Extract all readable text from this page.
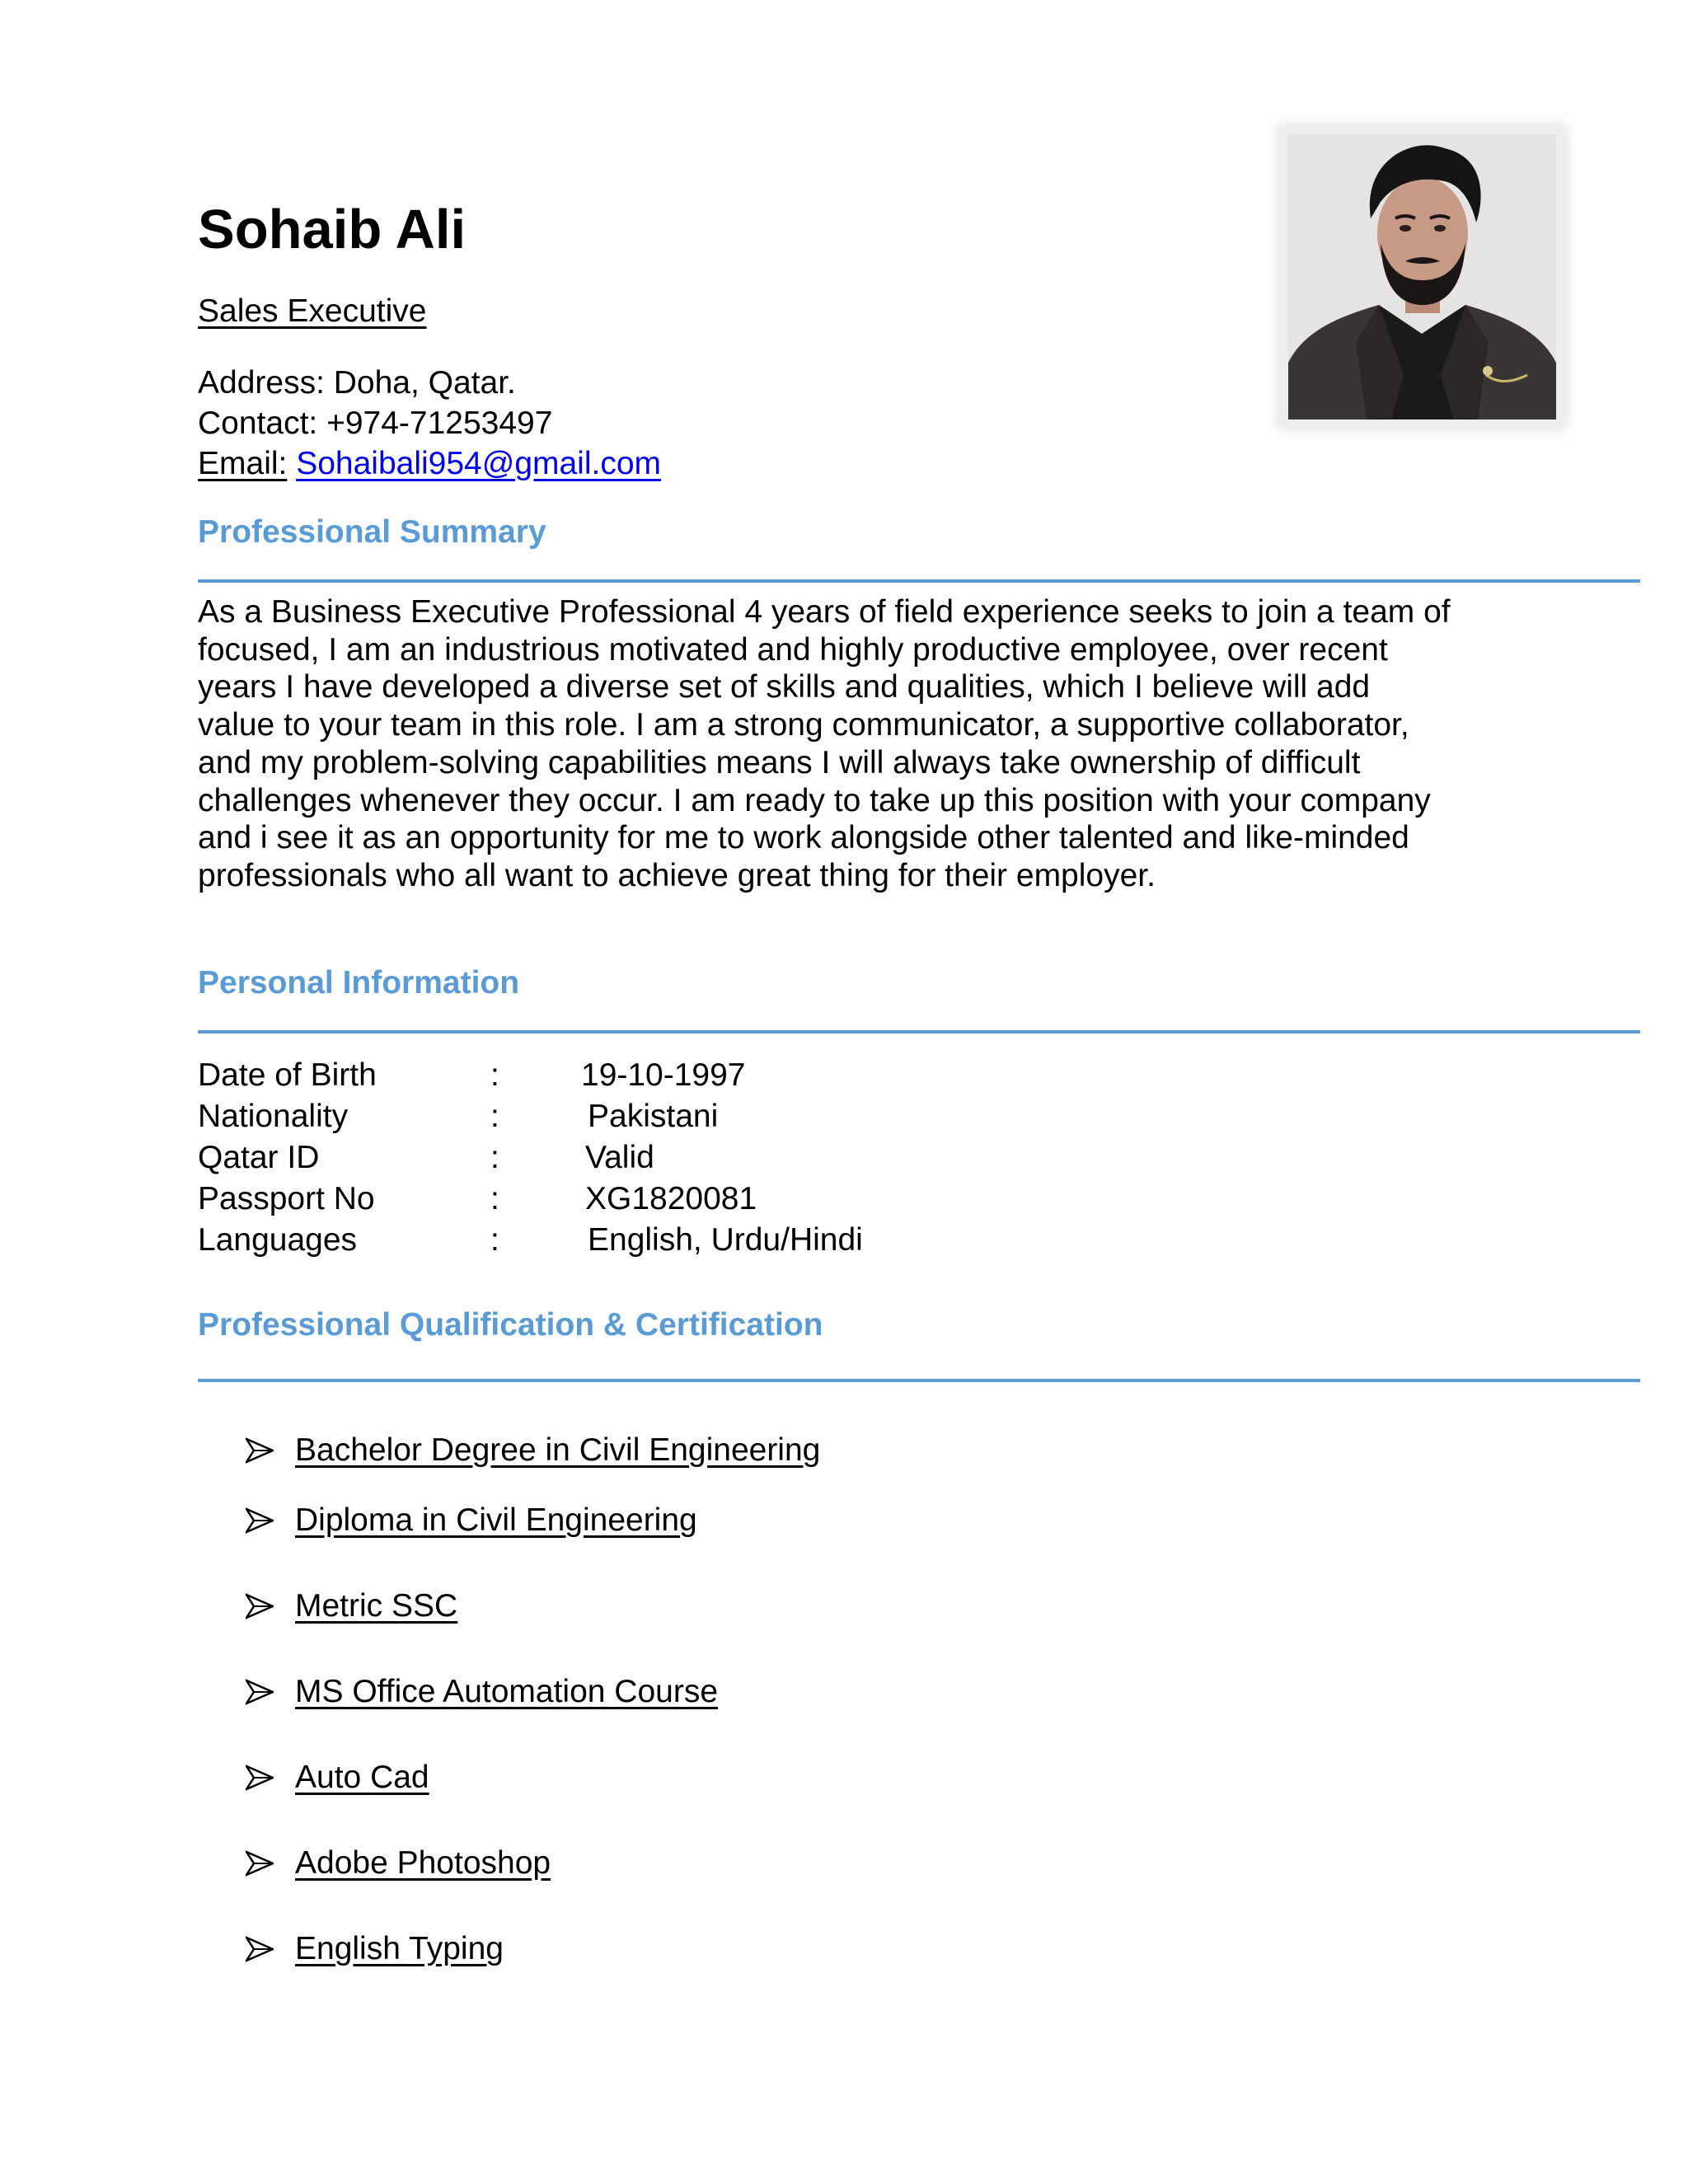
Sohaib Ali
Sales Executive
Address: Doha, Qatar.
Contact: +974-71253497
Email: Sohaibali954@gmail.com
Professional Summary

As a Business Executive Professional 4 years of field experience seeks to join a team of
focused, I am an industrious motivated and highly productive employee, over recent
years I have developed a diverse set of skills and qualities, which I believe will add
value to your team in this role. I am a strong communicator, a supportive collaborator,
and my problem-solving capabilities means I will always take ownership of difficult
challenges whenever they occur. I am ready to take up this position with your company
and i see it as an opportunity for me to work alongside other talented and like-minded
professionals who all want to achieve great thing for their employer.

Personal Information
Date of Birth	:	19-10-1997
Nationality	:	Pakistani
Qatar ID	:	Valid
Passport No	:	XG1820081
Languages	:	English, Urdu/Hindi
Professional Qualification & Certification
Bachelor Degree in Civil Engineering
Diploma in Civil Engineering
Metric SSC
MS Office Automation Course
Auto Cad
Adobe Photoshop
English Typing
